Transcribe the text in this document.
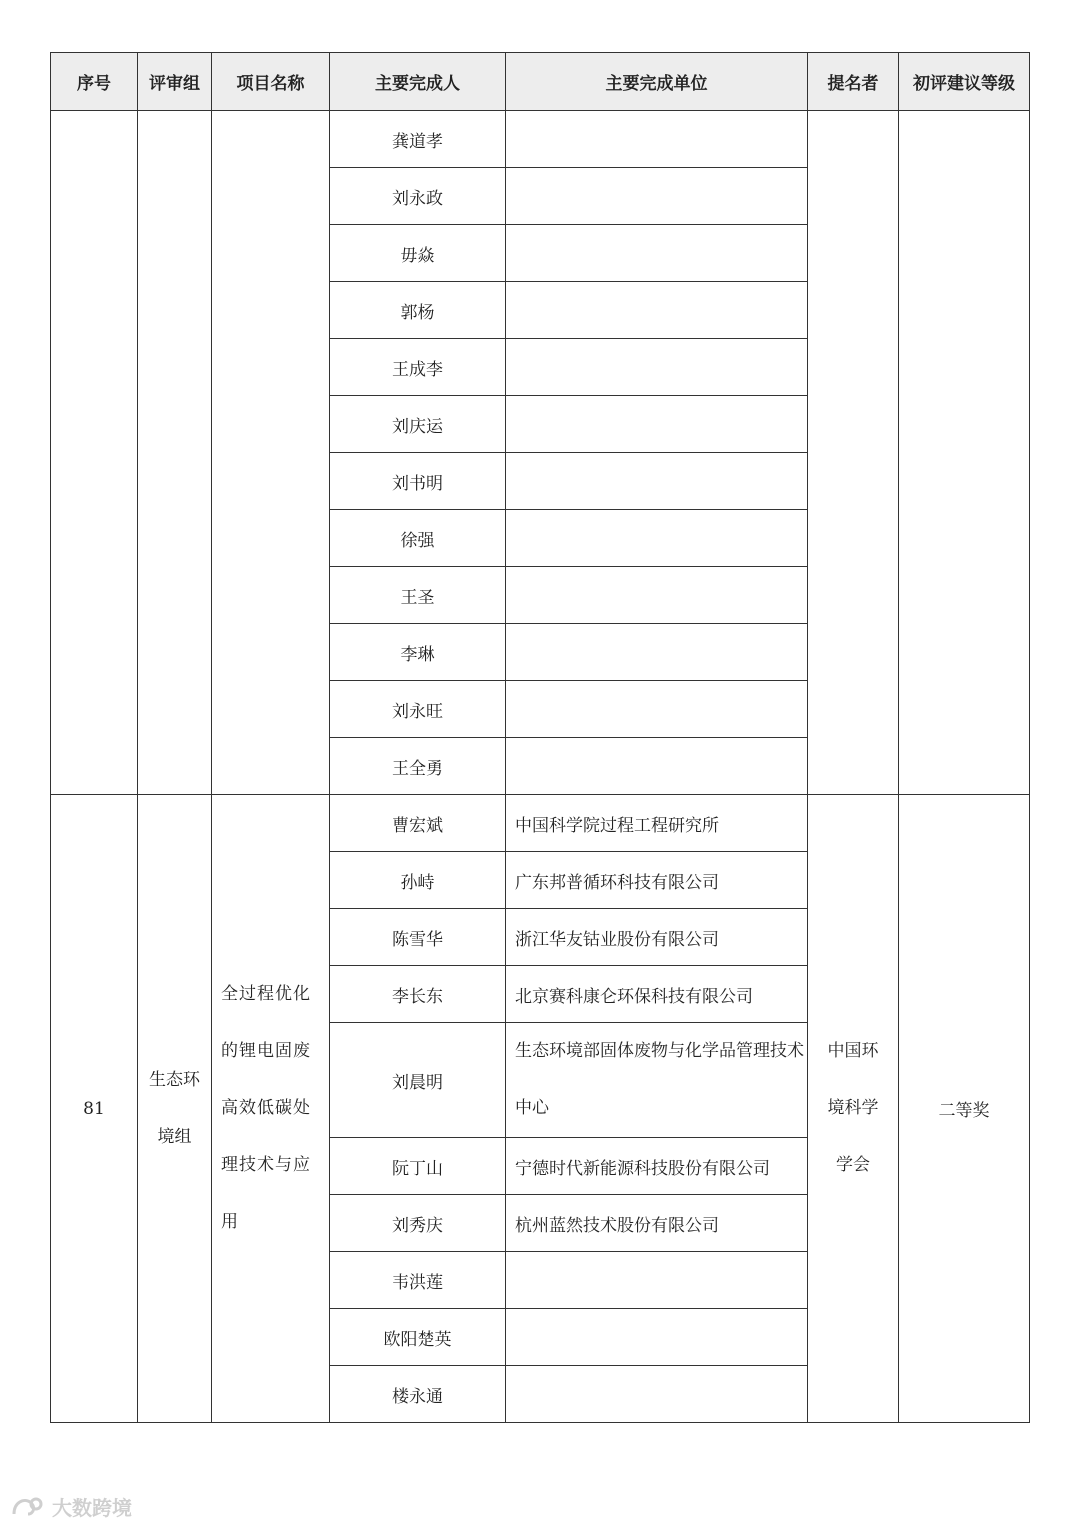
序号	评审组	项目名称	主要完成人	主要完成单位	提名者	初评建议等级
			龚道孝			
			刘永政			
			毋焱			
			郭杨			
			王成李			
			刘庆运			
			刘书明			
			徐强			
			王圣			
			李琳			
			刘永旺			
			王全勇			
81	生态环境组	全过程优化的锂电固废高效低碳处理技术与应用	曹宏斌	中国科学院过程工程研究所	中国环境科学学会	二等奖
			孙峙	广东邦普循环科技有限公司		
			陈雪华	浙江华友钴业股份有限公司		
			李长东	北京赛科康仑环保科技有限公司		
			刘晨明	生态环境部固体废物与化学品管理技术中心		
			阮丁山	宁德时代新能源科技股份有限公司		
			刘秀庆	杭州蓝然技术股份有限公司		
			韦洪莲			
			欧阳楚英			
			楼永通			
大数跨境
